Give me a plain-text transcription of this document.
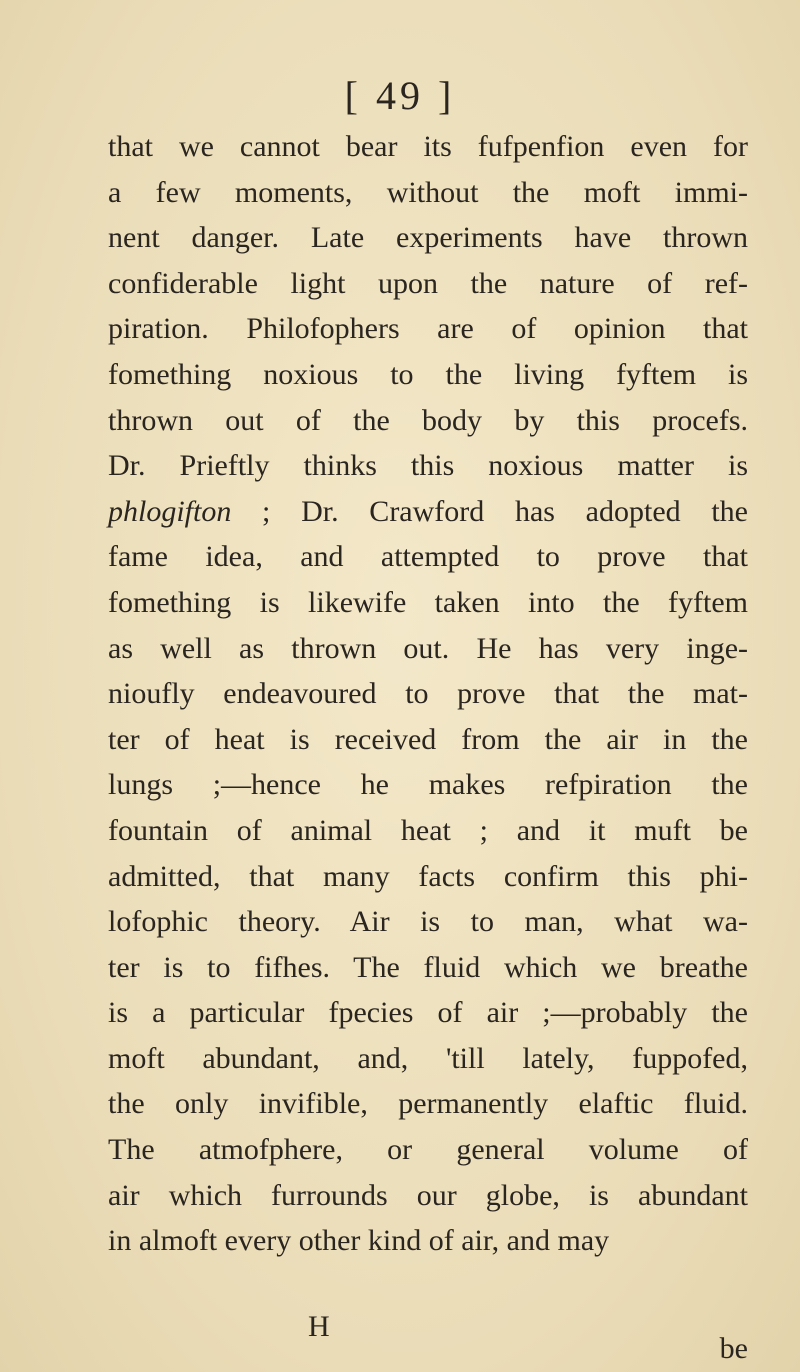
[ 49 ]
that we cannot bear its fufpenfion even for
a few moments, without the moft immi-
nent danger. Late experiments have thrown
confiderable light upon the nature of ref-
piration. Philofophers are of opinion that
fomething noxious to the living fyftem is
thrown out of the body by this procefs.
Dr. Prieftly thinks this noxious matter is
phlogifton ; Dr. Crawford has adopted the
fame idea, and attempted to prove that
fomething is likewife taken into the fyftem
as well as thrown out. He has very inge-
nioufly endeavoured to prove that the mat-
ter of heat is received from the air in the
lungs ;—hence he makes refpiration the
fountain of animal heat ; and it muft be
admitted, that many facts confirm this phi-
lofophic theory. Air is to man, what wa-
ter is to fifhes. The fluid which we breathe
is a particular fpecies of air ;—probably the
moft abundant, and, 'till lately, fuppofed,
the only invifible, permanently elaftic fluid.
The atmofphere, or general volume of
air which furrounds our globe, is abundant
in almoft every other kind of air, and may
H
be
